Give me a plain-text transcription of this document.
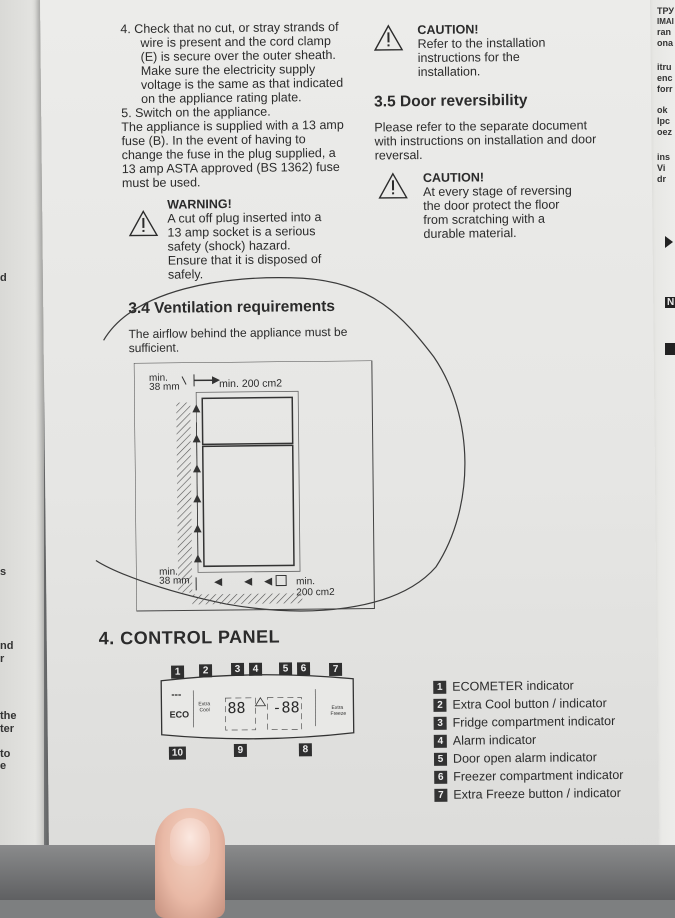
d
s
nd
r
the
ter
to
e
ТРУ
ІМАІ
ran
ona
itru
enc
forr
ok
Ipc
oez
ins
Vi
dr
N
4. Check that no cut, or stray strands of
wire is present and the cord clamp
(E) is secure over the outer sheath.
Make sure the electricity supply
voltage is the same as that indicated
on the appliance rating plate.
5. Switch on the appliance.
The appliance is supplied with a 13 amp
fuse (B). In the event of having to
change the fuse in the plug supplied, a
13 amp ASTA approved (BS 1362) fuse
must be used.
WARNING!
A cut off plug inserted into a
13 amp socket is a serious
safety (shock) hazard.
Ensure that it is disposed of
safely.
3.4 Ventilation requirements
The airflow behind the appliance must be
sufficient.
min.
38 mm	min. 200 cm2
min.
38 mm	min.
200 cm2
CAUTION!
Refer to the installation
instructions for the
installation.
3.5 Door reversibility
Please refer to the separate document
with instructions on installation and door
reversal.
CAUTION!
At every stage of reversing
the door protect the floor
from scratching with a
durable material.
4. CONTROL PANEL
1	2	3	4	5	6	7
10	9	8
---
ECO
Extra
Cool 88 -88	Extra
Freeze
1 ECOMETER indicator
2 Extra Cool button / indicator
3 Fridge compartment indicator
4 Alarm indicator
5 Door open alarm indicator
6 Freezer compartment indicator
7 Extra Freeze button / indicator
